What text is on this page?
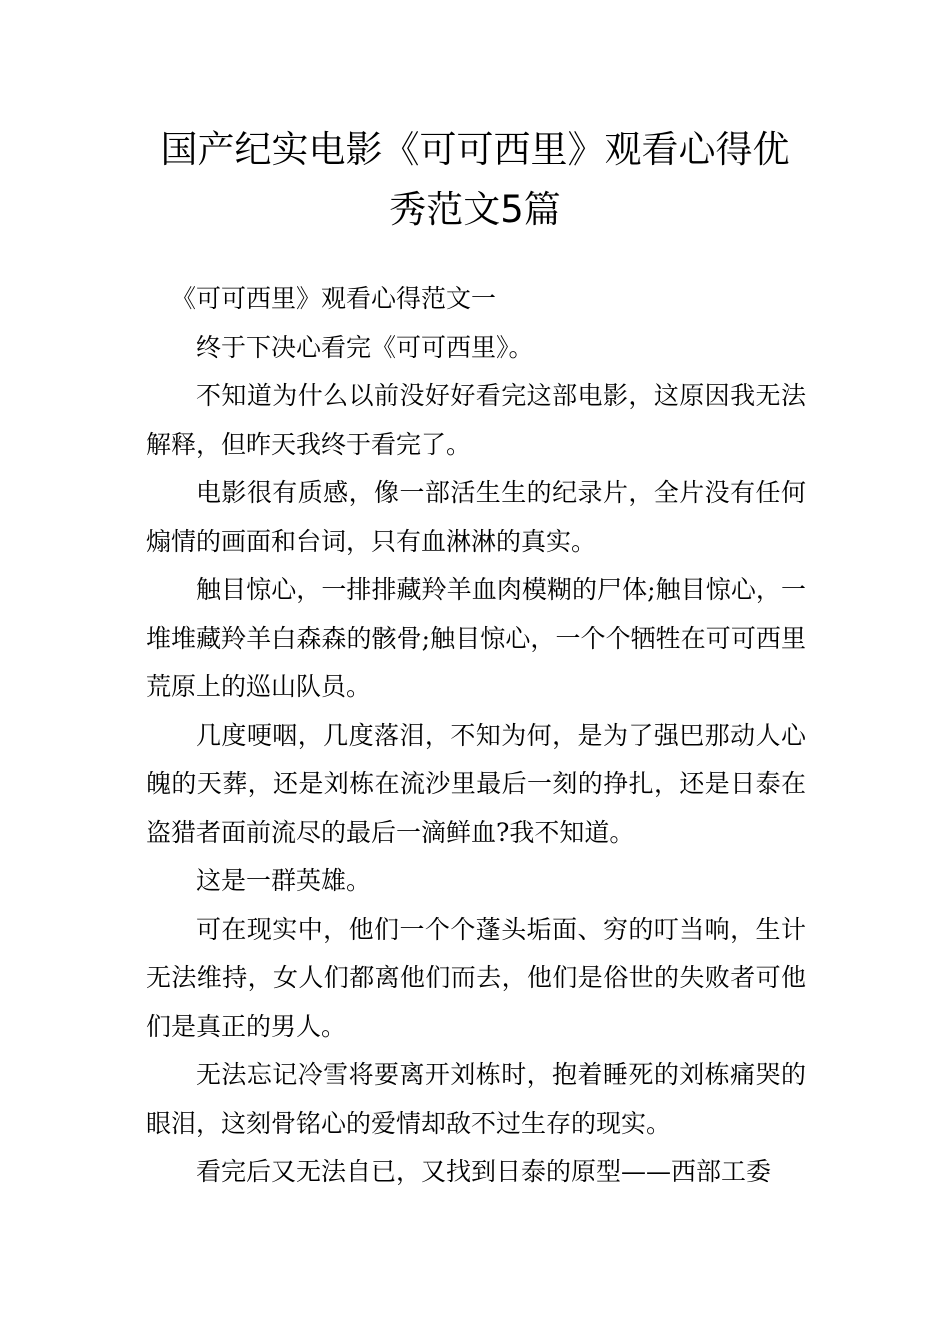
国产纪实电影《可可西里》观看心得优
秀范文5篇

《可可西里》观看心得范文一

终于下决心看完《可可西里》。

不知道为什么以前没好好看完这部电影，这原因我无法解释，但昨天我终于看完了。

电影很有质感，像一部活生生的纪录片，全片没有任何煽情的画面和台词，只有血淋淋的真实。

触目惊心，一排排藏羚羊血肉模糊的尸体;触目惊心，一堆堆藏羚羊白森森的骸骨;触目惊心，一个个牺牲在可可西里荒原上的巡山队员。

几度哽咽，几度落泪，不知为何，是为了强巴那动人心魄的天葬，还是刘栋在流沙里最后一刻的挣扎，还是日泰在盗猎者面前流尽的最后一滴鲜血?我不知道。

这是一群英雄。

可在现实中，他们一个个蓬头垢面、穷的叮当响，生计无法维持，女人们都离他们而去，他们是俗世的失败者可他们是真正的男人。

无法忘记冷雪将要离开刘栋时，抱着睡死的刘栋痛哭的眼泪，这刻骨铭心的爱情却敌不过生存的现实。

看完后又无法自已，又找到日泰的原型——西部工委
